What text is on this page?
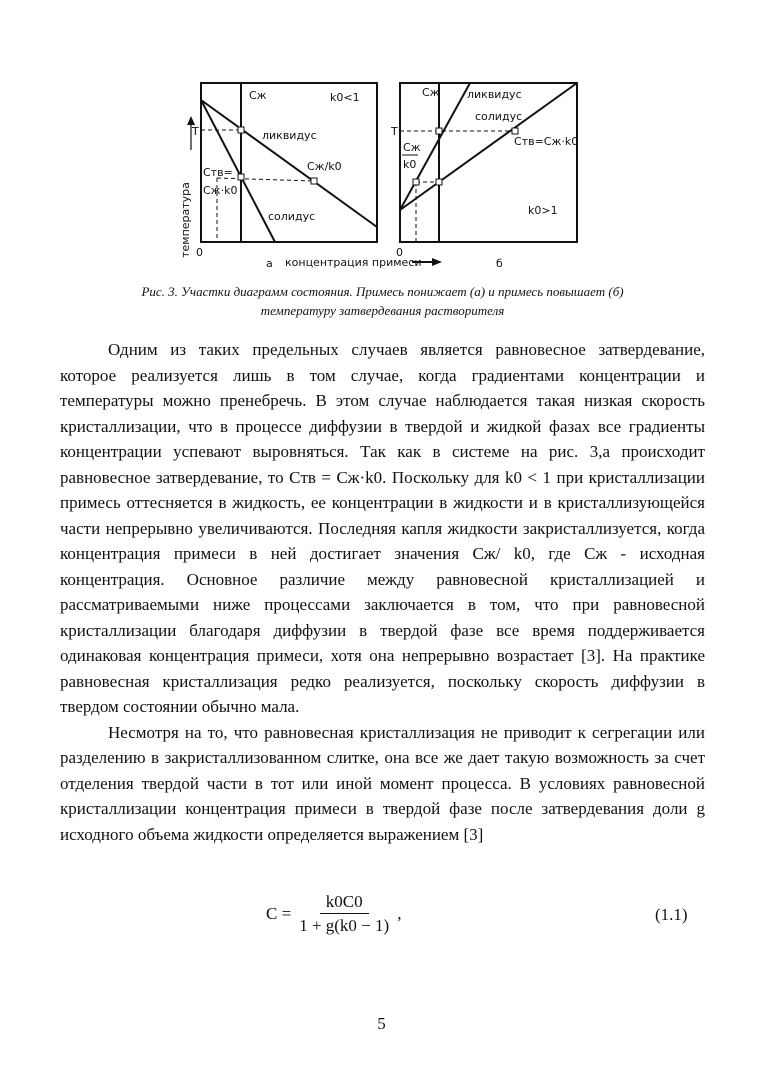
температура
Cж	k0<1
T	ликвидус
Cж/k0
Cтв=
Cж·k0
солидус
0
а
Cж ликвидус
солидус
T
Cтв=Cж·k0
Cж
k0
k0>1
0
б
концентрация примеси
Рис. 3. Участки диаграмм состояния. Примесь понижает (а) и примесь повышает (б)
температуру затвердевания растворителя

Одним из таких предельных случаев является равновесное затвердевание, которое реализуется лишь в том случае, когда градиентами концентрации и температуры можно пренебречь. В этом случае наблюдается такая низкая скорость кристаллизации, что в процессе диффузии в твердой и жидкой фазах все градиенты концентрации успевают выровняться. Так как в системе на рис. 3,а происходит равновесное затвердевание, то Cтв = Cж·k0. Поскольку для k0 < 1 при кристаллизации примесь оттесняется в жидкость, ее концентрации в жидкости и в кристаллизующейся части непрерывно увеличиваются. Последняя капля жидкости закристаллизуется, когда концентрация примеси в ней достигает значения Cж/ k0, где Cж - исходная концентрация. Основное различие между равновесной кристаллизацией и рассматриваемыми ниже процессами заключается в том, что при равновесной кристаллизации благодаря диффузии в твердой фазе все время поддерживается одинаковая концентрация примеси, хотя она непрерывно возрастает [3]. На практике равновесная кристаллизация редко реализуется, поскольку скорость диффузии в твердом состоянии обычно мала.

Несмотря на то, что равновесная кристаллизация не приводит к сегрегации или разделению в закристаллизованном слитке, она все же дает такую возможность за счет отделения твердой части в тот или иной момент процесса. В условиях равновесной кристаллизации концентрация примеси в твердой фазе после затвердевания доли g исходного объема жидкости определяется выражением [3]

$C = \frac{k0C0}{1 + g(k0 - 1)}$ ,	(1.1)
5
